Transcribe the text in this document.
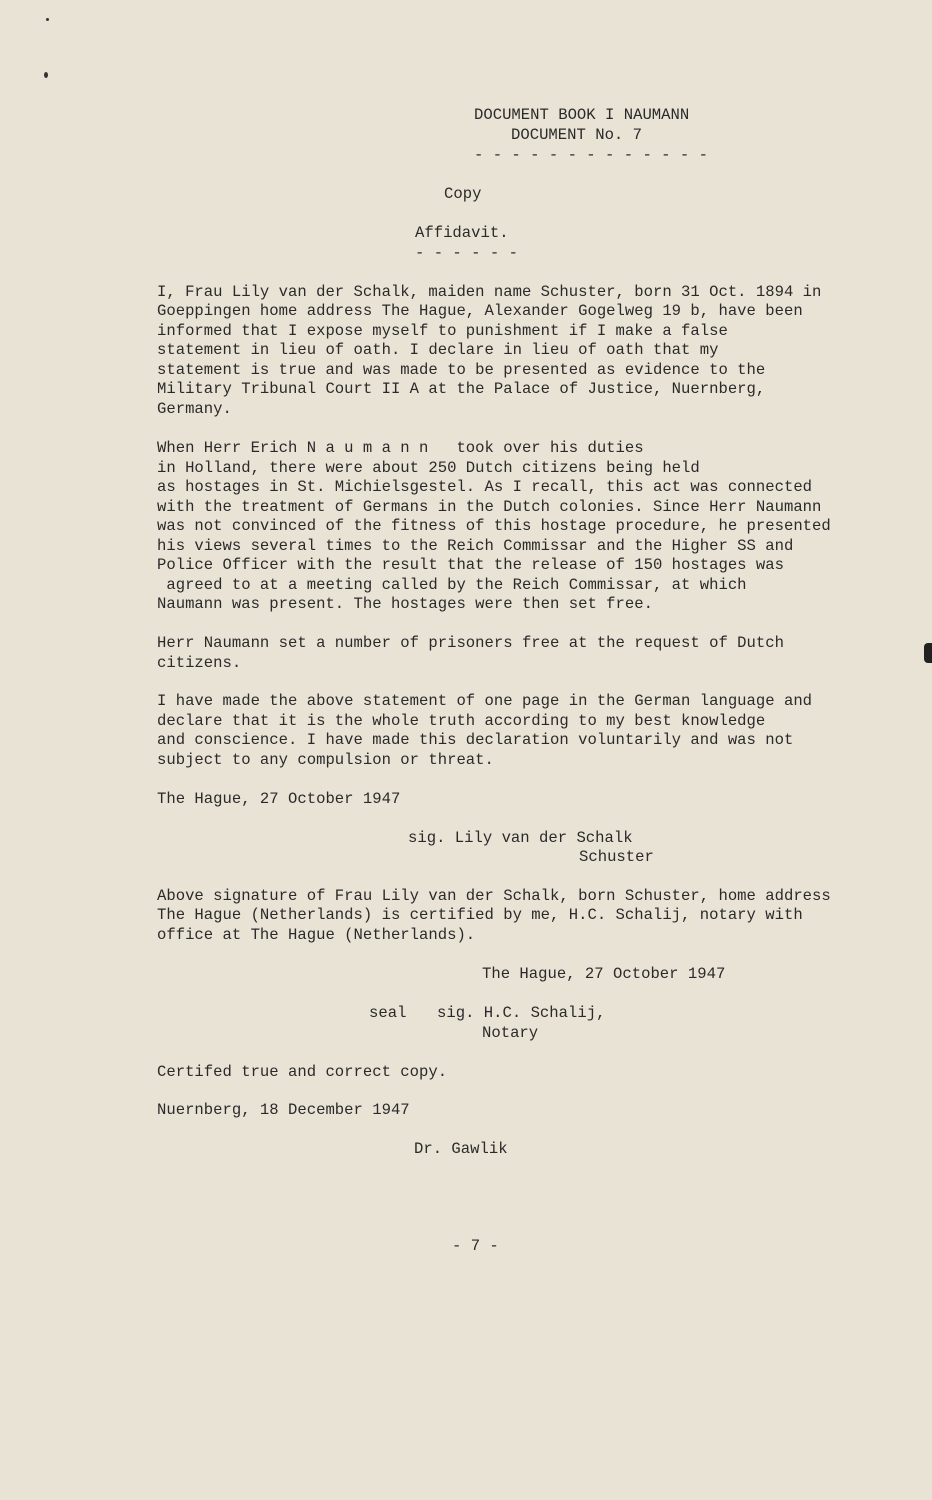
DOCUMENT BOOK I NAUMANN
DOCUMENT No. 7
- - - - - - - - - - - - -
Copy
Affidavit.
- - - - - -
I, Frau Lily van der Schalk, maiden name Schuster, born 31 Oct. 1894 in
Goeppingen home address The Hague, Alexander Gogelweg 19 b, have been
informed that I expose myself to punishment if I make a false
statement in lieu of oath. I declare in lieu of oath that my
statement is true and was made to be presented as evidence to the
Military Tribunal Court II A at the Palace of Justice, Nuernberg,
Germany.
When Herr Erich N a u m a n n   took over his duties
in Holland, there were about 250 Dutch citizens being held
as hostages in St. Michielsgestel. As I recall, this act was connected
with the treatment of Germans in the Dutch colonies. Since Herr Naumann
was not convinced of the fitness of this hostage procedure, he presented
his views several times to the Reich Commissar and the Higher SS and
Police Officer with the result that the release of 150 hostages was
agreed to at a meeting called by the Reich Commissar, at which
Naumann was present. The hostages were then set free.
Herr Naumann set a number of prisoners free at the request of Dutch
citizens.
I have made the above statement of one page in the German language and
declare that it is the whole truth according to my best knowledge
and conscience. I have made this declaration voluntarily and was not
subject to any compulsion or threat.
The Hague, 27 October 1947
sig. Lily van der Schalk
Schuster
Above signature of Frau Lily van der Schalk, born Schuster, home address
The Hague (Netherlands) is certified by me, H.C. Schalij, notary with
office at The Hague (Netherlands).
The Hague, 27 October 1947
seal sig. H.C. Schalij,
Notary
Certifed true and correct copy.
Nuernberg, 18 December 1947
Dr. Gawlik
- 7 -
